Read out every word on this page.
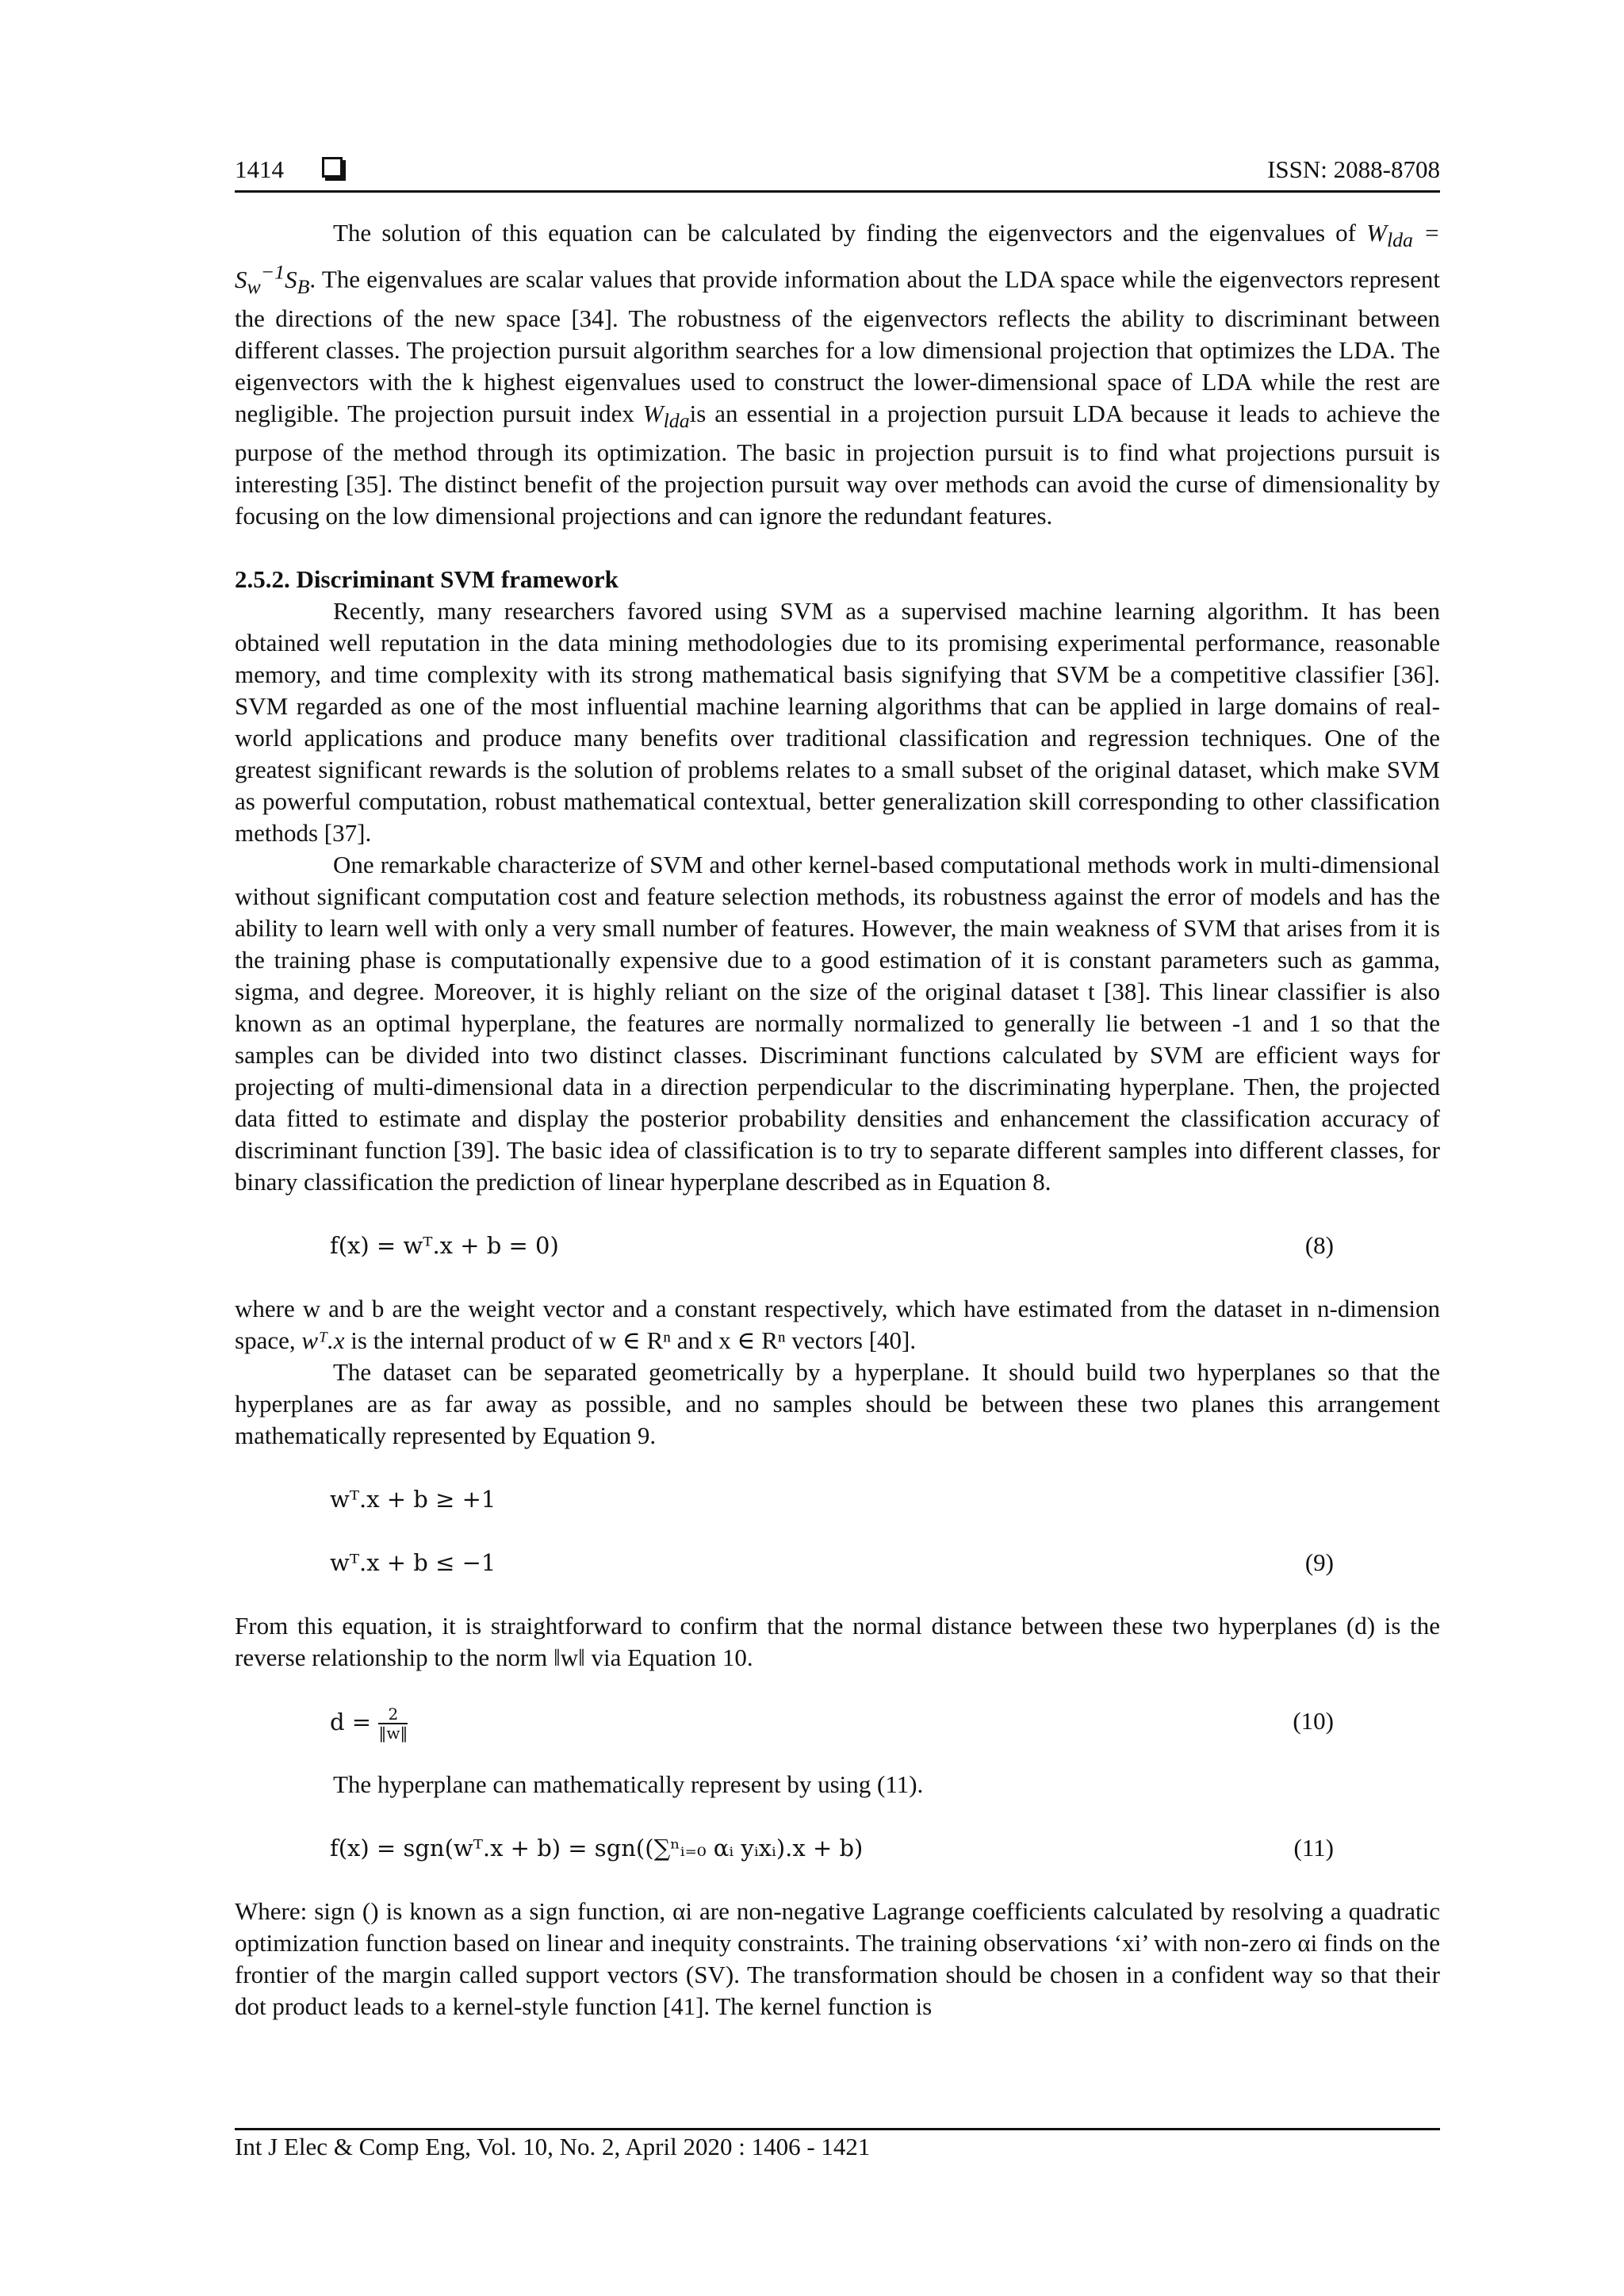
1414	ISSN: 2088-8708

The solution of this equation can be calculated by finding the eigenvectors and the eigenvalues of $W_{lda} = S_w^{-1}S_B$. The eigenvalues are scalar values that provide information about the LDA space while the eigenvectors represent the directions of the new space [34]. The robustness of the eigenvectors reflects the ability to discriminant between different classes. The projection pursuit algorithm searches for a low dimensional projection that optimizes the LDA. The eigenvectors with the k highest eigenvalues used to construct the lower-dimensional space of LDA while the rest are negligible. The projection pursuit index $W_{lda}is$ an essential in a projection pursuit LDA because it leads to achieve the purpose of the method through its optimization. The basic in projection pursuit is to find what projections pursuit is interesting [35]. The distinct benefit of the projection pursuit way over methods can avoid the curse of dimensionality by focusing on the low dimensional projections and can ignore the redundant features.

2.5.2. Discriminant SVM framework

Recently, many researchers favored using SVM as a supervised machine learning algorithm. It has been obtained well reputation in the data mining methodologies due to its promising experimental performance, reasonable memory, and time complexity with its strong mathematical basis signifying that SVM be a competitive classifier [36]. SVM regarded as one of the most influential machine learning algorithms that can be applied in large domains of real-world applications and produce many benefits over traditional classification and regression techniques. One of the greatest significant rewards is the solution of problems relates to a small subset of the original dataset, which make SVM as powerful computation, robust mathematical contextual, better generalization skill corresponding to other classification methods [37].

One remarkable characterize of SVM and other kernel-based computational methods work in multi-dimensional without significant computation cost and feature selection methods, its robustness against the error of models and has the ability to learn well with only a very small number of features. However, the main weakness of SVM that arises from it is the training phase is computationally expensive due to a good estimation of it is constant parameters such as gamma, sigma, and degree. Moreover, it is highly reliant on the size of the original dataset t [38]. This linear classifier is also known as an optimal hyperplane, the features are normally normalized to generally lie between -1 and 1 so that the samples can be divided into two distinct classes. Discriminant functions calculated by SVM are efficient ways for projecting of multi-dimensional data in a direction perpendicular to the discriminating hyperplane. Then, the projected data fitted to estimate and display the posterior probability densities and enhancement the classification accuracy of discriminant function [39]. The basic idea of classification is to try to separate different samples into different classes, for binary classification the prediction of linear hyperplane described as in Equation 8.

f(x) = wᵀ.x + b = 0)	(8)

where w and b are the weight vector and a constant respectively, which have estimated from the dataset in n-dimension space, wᵀ.x is the internal product of w ∈ Rⁿ and x ∈ Rⁿ vectors [40].

The dataset can be separated geometrically by a hyperplane. It should build two hyperplanes so that the hyperplanes are as far away as possible, and no samples should be between these two planes this arrangement mathematically represented by Equation 9.

wᵀ.x + b ≥ +1
wᵀ.x + b ≤ −1	(9)

From this equation, it is straightforward to confirm that the normal distance between these two hyperplanes (d) is the reverse relationship to the norm ‖w‖ via Equation 10.

$d = \frac{2}{‖w‖}$	(10)

The hyperplane can mathematically represent by using (11).

f(x) = sgn(wᵀ.x + b) = sgn((∑ⁿᵢ₌₀ αᵢ yᵢxᵢ).x + b)	(11)

Where: sign () is known as a sign function, αi are non-negative Lagrange coefficients calculated by resolving a quadratic optimization function based on linear and inequity constraints. The training observations ‘xi’ with non-zero αi finds on the frontier of the margin called support vectors (SV). The transformation should be chosen in a confident way so that their dot product leads to a kernel-style function [41]. The kernel function is

Int J Elec & Comp Eng, Vol. 10, No. 2, April 2020 : 1406 - 1421
